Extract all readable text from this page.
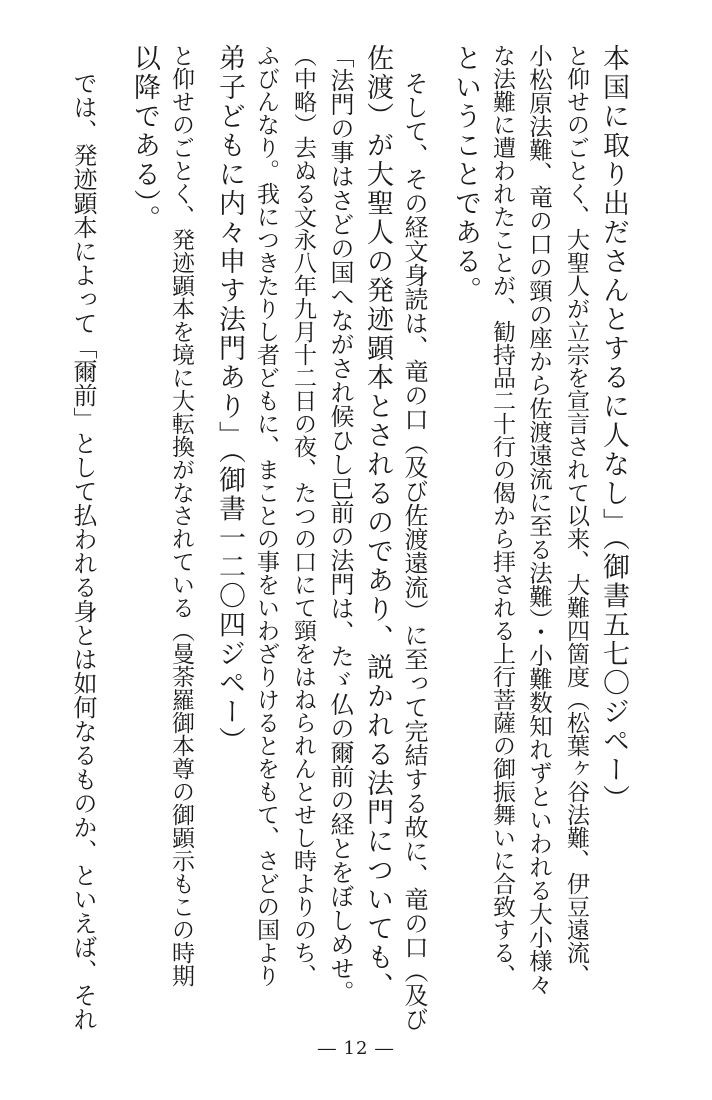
本国に取り出ださんとするに人なし」（御書五七〇ジペー）
と仰せのごとく、大聖人が立宗を宣言されて以来、大難四箇度（松葉ヶ谷法難、伊豆遠流、
小松原法難、竜の口の頸の座から佐渡遠流に至る法難）・小難数知れずといわれる大小様々
な法難に遭われたことが、勧持品二十行の偈から拝される上行菩薩の御振舞いに合致する、
ということである。
そして、その経文身読は、竜の口（及び佐渡遠流）に至って完結する故に、竜の口（及び
佐渡）が大聖人の発迹顕本とされるのであり、説かれる法門についても、
「法門の事はさどの国へながされ候ひし已前の法門は、たゞ仏の爾前の経とをぼしめせ。
（中略）去ぬる文永八年九月十二日の夜、たつの口にて頸をはねられんとせし時よりのち、
ふびんなり。我につきたりし者どもに、まことの事をいわざりけるとをもて、さどの国より
弟子どもに内々申す法門あり」（御書一二〇四ジペー）
と仰せのごとく、発迹顕本を境に大転換がなされている（曼荼羅御本尊の御顕示もこの時期
以降である）。
では、発迹顕本によって「爾前」として払われる身とは如何なるものか、といえば、それ
― 12 ―
